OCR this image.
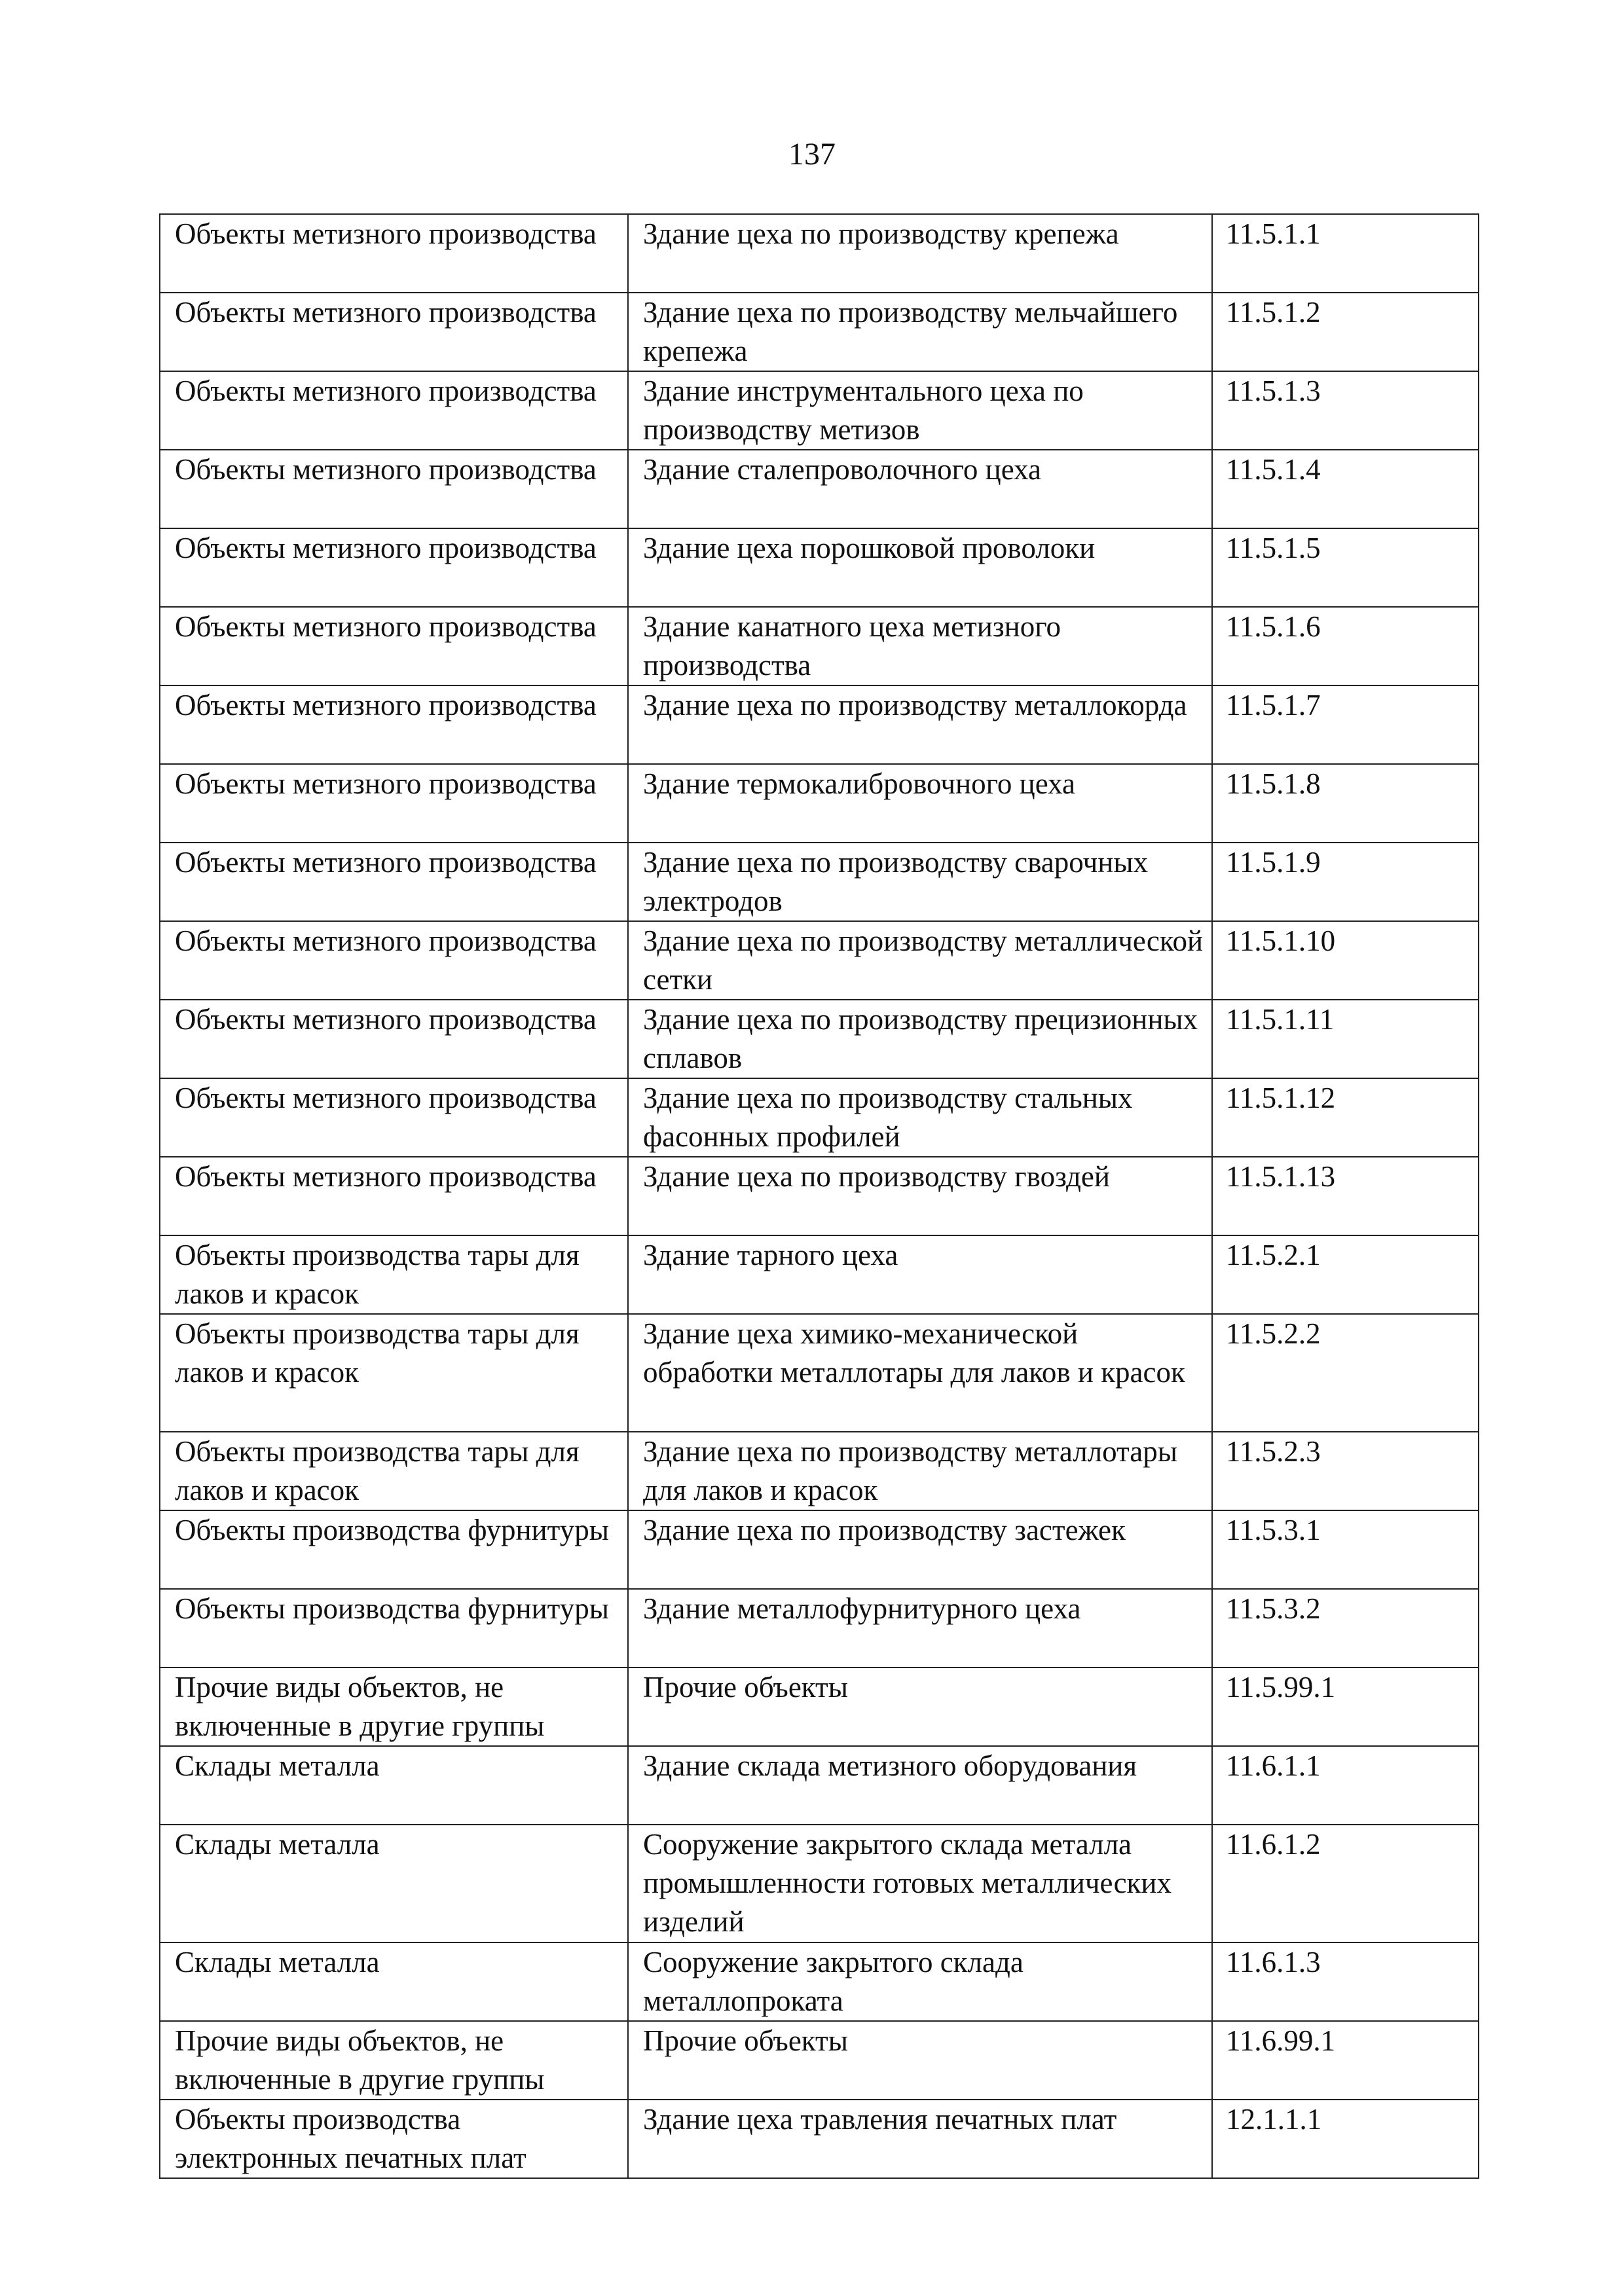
137
Объекты метизного производства	Здание цеха по производству крепежа	11.5.1.1
Объекты метизного производства	Здание цеха по производству мельчайшего крепежа	11.5.1.2
Объекты метизного производства	Здание инструментального цеха по производству метизов	11.5.1.3
Объекты метизного производства	Здание сталепроволочного цеха	11.5.1.4
Объекты метизного производства	Здание цеха порошковой проволоки	11.5.1.5
Объекты метизного производства	Здание канатного цеха метизного производства	11.5.1.6
Объекты метизного производства	Здание цеха по производству металлокорда	11.5.1.7
Объекты метизного производства	Здание термокалибровочного цеха	11.5.1.8
Объекты метизного производства	Здание цеха по производству сварочных электродов	11.5.1.9
Объекты метизного производства	Здание цеха по производству металлической сетки	11.5.1.10
Объекты метизного производства	Здание цеха по производству прецизионных сплавов	11.5.1.11
Объекты метизного производства	Здание цеха по производству стальных фасонных профилей	11.5.1.12
Объекты метизного производства	Здание цеха по производству гвоздей	11.5.1.13
Объекты производства тары для лаков и красок	Здание тарного цеха	11.5.2.1
Объекты производства тары для лаков и красок	Здание цеха химико-механической обработки металлотары для лаков и красок	11.5.2.2
Объекты производства тары для лаков и красок	Здание цеха по производству металлотары для лаков и красок	11.5.2.3
Объекты производства фурнитуры	Здание цеха по производству застежек	11.5.3.1
Объекты производства фурнитуры	Здание металлофурнитурного цеха	11.5.3.2
Прочие виды объектов, не включенные в другие группы	Прочие объекты	11.5.99.1
Склады металла	Здание склада метизного оборудования	11.6.1.1
Склады металла	Сооружение закрытого склада металла промышленности готовых металлических изделий	11.6.1.2
Склады металла	Сооружение закрытого склада металлопроката	11.6.1.3
Прочие виды объектов, не включенные в другие группы	Прочие объекты	11.6.99.1
Объекты производства электронных печатных плат	Здание цеха травления печатных плат	12.1.1.1
